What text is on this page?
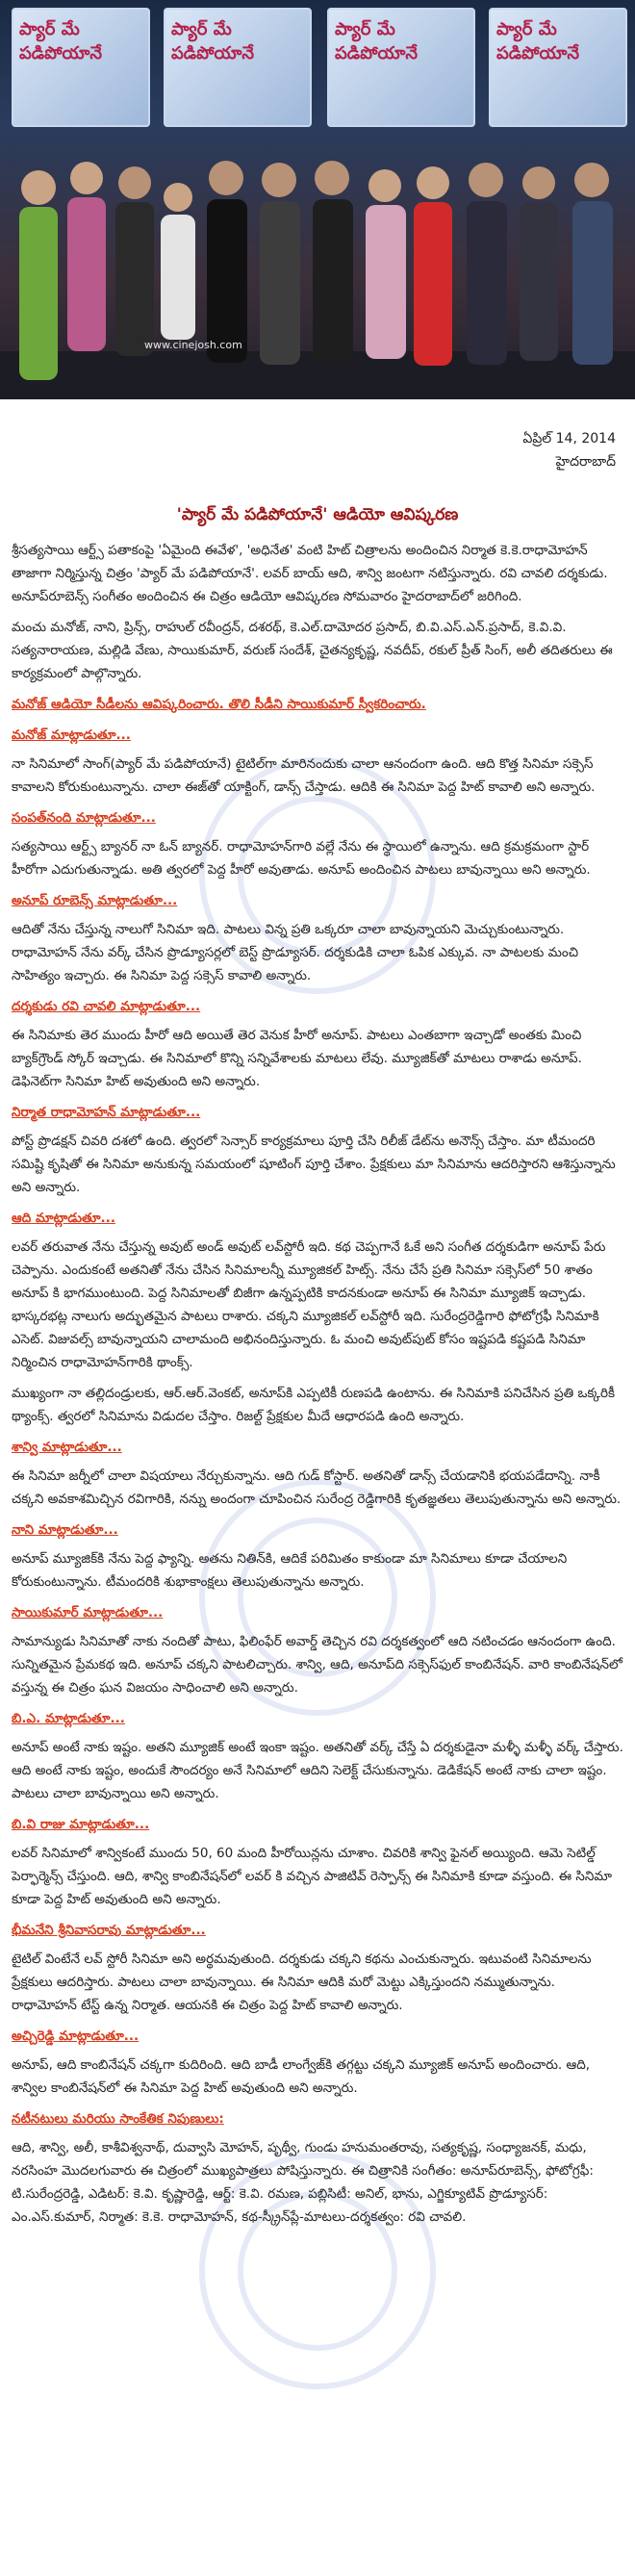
ప్యార్ మే పడిపోయానే
ప్యార్ మే పడిపోయానే
ప్యార్ మే పడిపోయానే
ప్యార్ మే పడిపోయానే
www.cinejosh.com
ఏప్రిల్ 14, 2014
హైదరాబాద్
'ప్యార్ మే పడిపోయానే' ఆడియో ఆవిష్కరణ

శ్రీసత్యసాయి ఆర్ట్స్ పతాకంపై 'ఏమైంది ఈవేళ', 'అధినేత' వంటి హిట్ చిత్రాలను అందించిన నిర్మాత కె.కె.రాధామోహన్ తాజాగా నిర్మిస్తున్న చిత్రం 'ప్యార్ మే పడిపోయానే'. లవర్ బాయ్ ఆది, శాన్వి జంటగా నటిస్తున్నారు. రవి చావలి దర్శకుడు. అనూప్‌రూబెన్స్ సంగీతం అందించిన ఈ చిత్రం ఆడియో ఆవిష్కరణ సోమవారం హైదరాబాద్‌లో జరిగింది.

మంచు మనోజ్, నాని, ప్రిన్స్, రాహుల్ రవీంద్రన్, దశరథ్, కె.ఎల్.దామోదర ప్రసాద్, బి.వి.ఎస్.ఎన్.ప్రసాద్, కె.వి.వి. సత్యనారాయణ, మల్లిడి వేణు, సాయికుమార్, వరుణ్ సందేశ్, చైతన్యకృష్ణ, నవదీప్, రకుల్ ప్రీత్ సింగ్, అలీ తదితరులు ఈ కార్యక్రమంలో పాల్గొన్నారు.

మనోజ్ ఆడియో సీడీలను ఆవిష్కరించారు. తొలి సీడీని సాయికుమార్ స్వీకరించారు.

మనోజ్ మాట్లాడుతూ...

నా సినిమాలో సాంగ్(ప్యార్ మే పడిపోయానే) టైటిల్‌గా మారినందుకు చాలా ఆనందంగా ఉంది. ఆది కొత్త సినిమా సక్సెస్ కావాలని కోరుకుంటున్నాను. చాలా ఈజ్‌తో యాక్టింగ్, డాన్స్ చేస్తాడు. ఆదికి ఈ సినిమా పెద్ద హిట్ కావాలి అని అన్నారు.

సంపత్‌నంది మాట్లాడుతూ...

సత్యసాయి ఆర్ట్స్ బ్యానర్ నా ఓన్ బ్యానర్. రాధామోహన్‌గారి వల్లే నేను ఈ స్థాయిలో ఉన్నాను. ఆది క్రమక్రమంగా స్టార్ హీరోగా ఎదుగుతున్నాడు. అతి త్వరలో పెద్ద హీరో అవుతాడు. అనూప్ అందించిన పాటలు బావున్నాయి అని అన్నారు.

అనూప్ రూబెన్స్ మాట్లాడుతూ...

ఆదితో నేను చేస్తున్న నాలుగో సినిమా ఇది. పాటలు విన్న ప్రతి ఒక్కరూ చాలా బావున్నాయని మెచ్చుకుంటున్నారు. రాధామోహన్ నేను వర్క్ చేసిన ప్రొడ్యూసర్లలో బెస్ట్ ప్రొడ్యూసర్. దర్శకుడికి చాలా ఓపిక ఎక్కువ. నా పాటలకు మంచి సాహిత్యం ఇచ్చారు. ఈ సినిమా పెద్ద సక్సెస్ కావాలి అన్నారు.

దర్శకుడు రవి చావలి మాట్లాడుతూ...

ఈ సినిమాకు తెర ముందు హీరో ఆది అయితే తెర వెనుక హీరో అనూప్. పాటలు ఎంతబాగా ఇచ్చాడో అంతకు మించి బ్యాక్‌గ్రౌండ్ స్కోర్ ఇచ్చాడు. ఈ సినిమాలో కొన్ని సన్నివేశాలకు మాటలు లేవు. మ్యూజిక్‌తో మాటలు రాశాడు అనూప్. డెఫినెట్‌గా సినిమా హిట్ అవుతుంది అని అన్నారు.

నిర్మాత రాధామోహన్ మాట్లాడుతూ...

పోస్ట్ ప్రొడక్షన్ చివరి దశలో ఉంది. త్వరలో సెన్సార్ కార్యక్రమాలు పూర్తి చేసి రిలీజ్ డేట్‌ను అనౌన్స్ చేస్తాం. మా టీమందరి సమిష్టి కృషితో ఈ సినిమా అనుకున్న సమయంలో షూటింగ్ పూర్తి చేశాం. ప్రేక్షకులు మా సినిమాను ఆదరిస్తారని ఆశిస్తున్నాను అని అన్నారు.

ఆది మాట్లాడుతూ...

లవర్ తరువాత నేను చేస్తున్న అవుట్ అండ్ అవుట్ లవ్‌స్టోరీ ఇది. కథ చెప్పగానే ఓకే అని సంగీత దర్శకుడిగా అనూప్ పేరు చెప్పాను. ఎందుకంటే అతనితో నేను చేసిన సినిమాలన్నీ మ్యూజికల్ హిట్స్. నేను చేసే ప్రతి సినిమా సక్సెస్‌లో 50 శాతం అనూప్ కి భాగముంటుంది. పెద్ద సినిమాలతో బిజీగా ఉన్నప్పటికి కాదనకుండా అనూప్ ఈ సినిమా మ్యూజిక్ ఇచ్చాడు. భాస్కరభట్ల నాలుగు అద్భుతమైన పాటలు రాశారు. చక్కని మ్యూజికల్ లవ్‌స్టోరీ ఇది. సురేంద్రరెడ్డిగారి ఫోటోగ్రఫీ సినిమాకి ఎసెట్. విజువల్స్ బావున్నాయని చాలామంది అభినందిస్తున్నారు. ఓ మంచి అవుట్‌పుట్ కోసం ఇష్టపడి కష్టపడి సినిమా నిర్మించిన రాధామోహన్‌గారికి థాంక్స్.

ముఖ్యంగా నా తల్లిదండ్రులకు, ఆర్.ఆర్.వెంకట్, అనూప్‌కి ఎప్పటికీ రుణపడి ఉంటాను. ఈ సినిమాకి పనిచేసిన ప్రతి ఒక్కరికీ థ్యాంక్స్. త్వరలో సినిమాను విడుదల చేస్తాం. రిజల్ట్ ప్రేక్షకుల మీదే ఆధారపడి ఉంది అన్నారు.

శాన్వి మాట్లాడుతూ...

ఈ సినిమా జర్నీలో చాలా విషయాలు నేర్చుకున్నాను. ఆది గుడ్ కోస్టార్. అతనితో డాన్స్ చేయడానికి భయపడేదాన్ని. నాకీ చక్కని అవకాశమిచ్చిన రవిగారికి, నన్ను అందంగా చూపించిన సురేంద్ర రెడ్డిగారికి కృతజ్ఞతలు తెలుపుతున్నాను అని అన్నారు.

నాని మాట్లాడుతూ...

అనూప్ మ్యూజిక్‌కి నేను పెద్ద ఫ్యాన్ని. అతను నితిన్‌కి, ఆదికే పరిమితం కాకుండా మా సినిమాలు కూడా చేయాలని కోరుకుంటున్నాను. టీమందరికి శుభాకాంక్షలు తెలుపుతున్నాను అన్నారు.

సాయికుమార్ మాట్లాడుతూ...

సామాన్యుడు సినిమాతో నాకు నందితో పాటు, ఫిలింఫేర్ అవార్డ్ తెచ్చిన రవి దర్శకత్వంలో ఆది నటించడం ఆనందంగా ఉంది. సున్నితమైన ప్రేమకథ ఇది. అనూప్ చక్కని పాటలిచ్చారు. శాన్వి, ఆది, అనూప్‌ది సక్సెస్‌ఫుల్ కాంబినేషన్. వారి కాంబినేషన్‌లో వస్తున్న ఈ చిత్రం ఘన విజయం సాధించాలి అని అన్నారు.

బి.ఎ. మాట్లాడుతూ...

అనూప్ అంటే నాకు ఇష్టం. అతని మ్యూజిక్ అంటే ఇంకా ఇష్టం. అతనితో వర్క్ చేస్తే ఏ దర్శకుడైనా మళ్ళీ మళ్ళీ వర్క్ చేస్తారు. ఆది అంటే నాకు ఇష్టం, అందుకే సౌందర్యం అనే సినిమాలో ఆదిని సెలెక్ట్ చేసుకున్నాను. డెడికేషన్ అంటే నాకు చాలా ఇష్టం. పాటలు చాలా బావున్నాయి అని అన్నారు.

బి.వి రాజు మాట్లాడుతూ...

లవర్ సినిమాలో శాన్వికంటే ముందు 50, 60 మంది హీరోయిన్లను చూశాం. చివరికి శాన్వి ఫైనల్ అయ్యింది. ఆమె సెటిల్డ్ పెర్ఫార్మెన్స్ చేస్తుంది. ఆది, శాన్వి కాంబినేషన్‌లో లవర్ కి వచ్చిన పాజిటివ్ రెస్పాన్స్ ఈ సినిమాకి కూడా వస్తుంది. ఈ సినిమా కూడా పెద్ద హిట్ అవుతుంది అని అన్నారు.

భీమనేని శ్రీనివాసరావు మాట్లాడుతూ...

టైటిల్ వింటేనే లవ్ స్టోరీ సినిమా అని అర్థమవుతుంది. దర్శకుడు చక్కని కథను ఎంచుకున్నారు. ఇటువంటి సినిమాలను ప్రేక్షకులు ఆదరిస్తారు. పాటలు చాలా బావున్నాయి. ఈ సినిమా ఆదికి మరో మెట్టు ఎక్కిస్తుందని నమ్ముతున్నాను. రాధామోహన్ టేస్ట్ ఉన్న నిర్మాత. ఆయనకి ఈ చిత్రం పెద్ద హిట్ కావాలి అన్నారు.

అచ్చిరెడ్డి మాట్లాడుతూ...

అనూప్, ఆది కాంబినేషన్ చక్కగా కుదిరింది. ఆది బాడీ లాంగ్వేజ్‌కి తగ్గట్టు చక్కని మ్యూజిక్ అనూప్ అందించారు. ఆది, శాన్విల కాంబినేషన్‌లో ఈ సినిమా పెద్ద హిట్ అవుతుంది అని అన్నారు.

నటీనటులు మరియు సాంకేతిక నిపుణులు:

ఆది, శాన్వి, అలీ, కాశీవిశ్వనాథ్, దువ్వాసి మోహన్, పృథ్వీ, గుండు హనుమంతరావు, సత్యకృష్ణ, సంధ్యాజనక్, మధు, నరసింహ మొదలగువారు ఈ చిత్రంలో ముఖ్యపాత్రలు పోషిస్తున్నారు. ఈ చిత్రానికి సంగీతం: అనూప్‌రూబెన్స్, ఫోటోగ్రఫీ: టి.సురేంద్రరెడ్డి, ఎడిటర్: కె.వి. కృష్ణారెడ్డి, ఆర్ట్: కె.వి. రమణ, పబ్లిసిటీ: అనిల్, భాను, ఎగ్జిక్యూటివ్ ప్రొడ్యూసర్: ఎం.ఎస్.కుమార్, నిర్మాత: కె.కె. రాధామోహన్, కథ-స్క్రీన్‌ప్లే-మాటలు-దర్శకత్వం: రవి చావలి.
